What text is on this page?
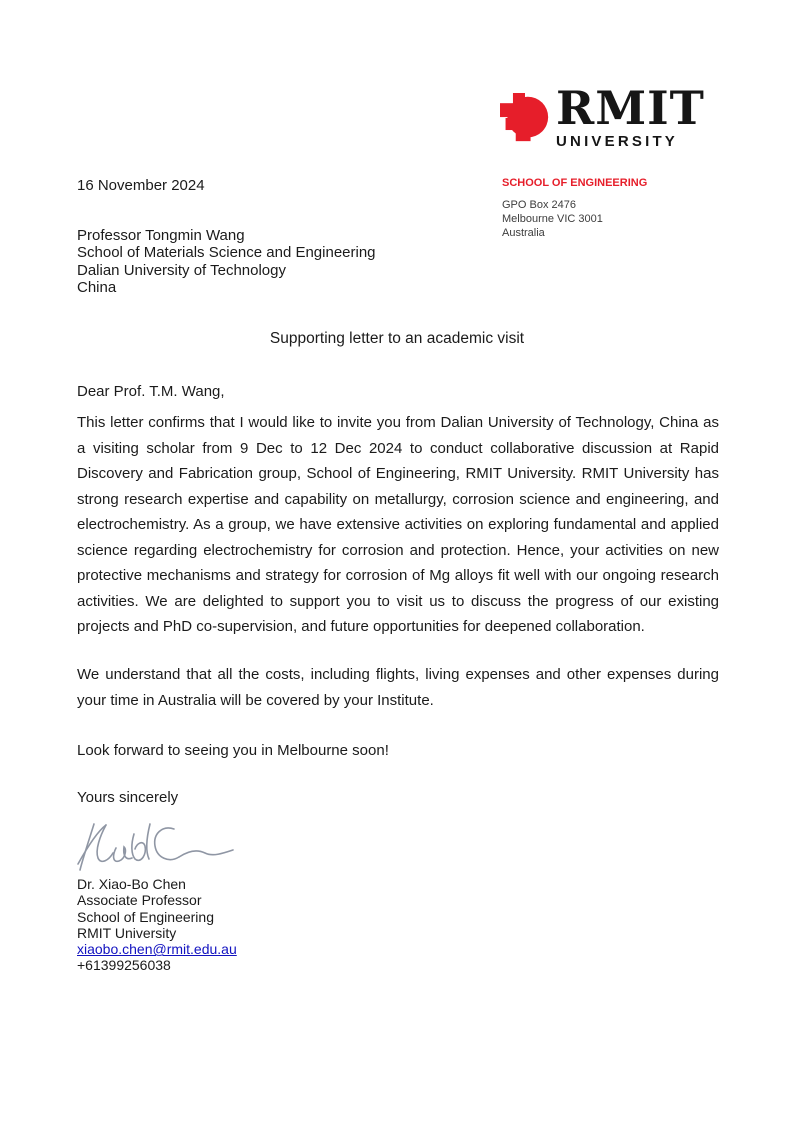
RMIT
UNIVERSITY
16 November 2024	SCHOOL OF ENGINEERING
GPO Box 2476
Melbourne VIC 3001
Australia
Professor Tongmin Wang
School of Materials Science and Engineering
Dalian University of Technology
China
Supporting letter to an academic visit
Dear Prof. T.M. Wang,

This letter confirms that I would like to invite you from Dalian University of Technology, China as a visiting scholar from 9 Dec to 12 Dec 2024 to conduct collaborative discussion at Rapid Discovery and Fabrication group, School of Engineering, RMIT University. RMIT University has strong research expertise and capability on metallurgy, corrosion science and engineering, and electrochemistry. As a group, we have extensive activities on exploring fundamental and applied science regarding electrochemistry for corrosion and protection. Hence, your activities on new protective mechanisms and strategy for corrosion of Mg alloys fit well with our ongoing research activities. We are delighted to support you to visit us to discuss the progress of our existing projects and PhD co-supervision, and future opportunities for deepened collaboration.

We understand that all the costs, including flights, living expenses and other expenses during your time in Australia will be covered by your Institute.

Look forward to seeing you in Melbourne soon!

Yours sincerely
Dr. Xiao-Bo Chen
Associate Professor
School of Engineering
RMIT University
xiaobo.chen@rmit.edu.au
+61399256038
